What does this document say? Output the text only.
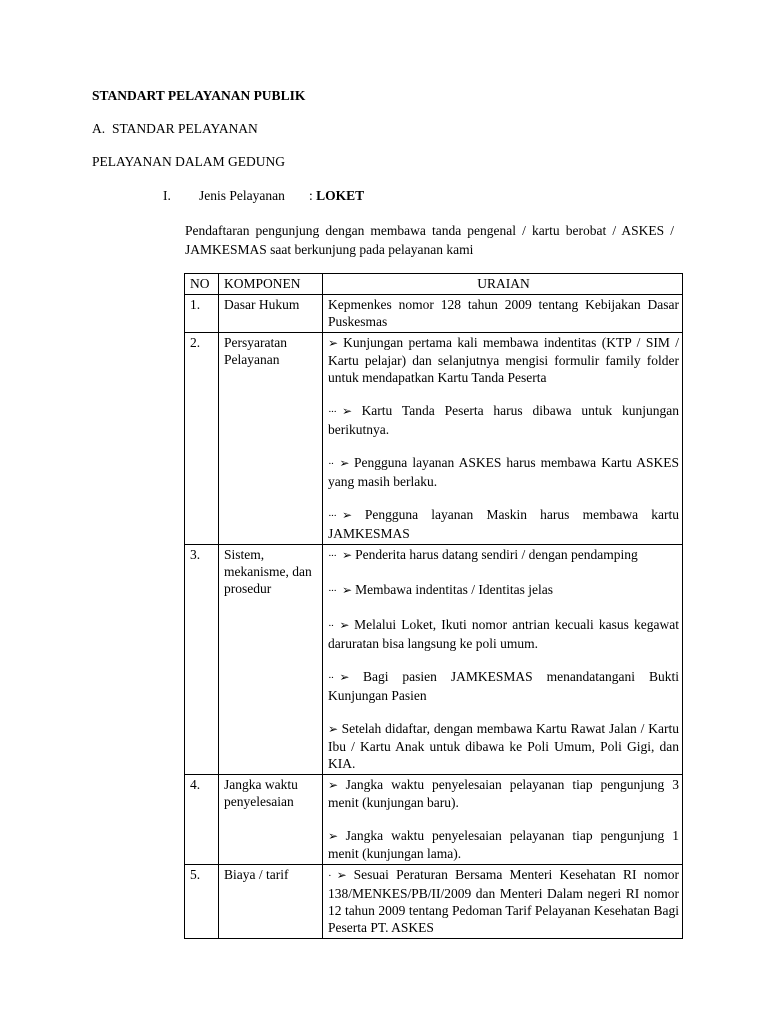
STANDART PELAYANAN PUBLIK
A. STANDAR PELAYANAN
PELAYANAN DALAM GEDUNG
I. Jenis Pelayanan : LOKET
Pendaftaran pengunjung dengan membawa tanda pengenal / kartu berobat / ASKES / JAMKESMAS saat berkunjung pada pelayanan kami
NO	KOMPONEN	URAIAN
1.	Dasar Hukum	Kepmenkes nomor 128 tahun 2009 tentang Kebijakan Dasar Puskesmas

2.	Persyaratan Pelayanan	➢ Kunjungan pertama kali membawa indentitas (KTP / SIM / Kartu pelajar) dan selanjutnya mengisi formulir family folder untuk mendapatkan Kartu Tanda Peserta
··· ➢ Kartu Tanda Peserta harus dibawa untuk kunjungan berikutnya.
·· ➢ Pengguna layanan ASKES harus membawa Kartu ASKES yang masih berlaku.
··· ➢ Pengguna layanan Maskin harus membawa kartu JAMKESMAS

3.	Sistem, mekanisme, dan prosedur	··· ➢ Penderita harus datang sendiri / dengan pendamping
··· ➢ Membawa indentitas / Identitas jelas
·· ➢ Melalui Loket, Ikuti nomor antrian kecuali kasus kegawat daruratan bisa langsung ke poli umum.
·· ➢ Bagi pasien JAMKESMAS menandatangani Bukti Kunjungan Pasien
➢ Setelah didaftar, dengan membawa Kartu Rawat Jalan / Kartu Ibu / Kartu Anak untuk dibawa ke Poli Umum, Poli Gigi, dan KIA.

4.	Jangka waktu penyelesaian	➢ Jangka waktu penyelesaian pelayanan tiap pengunjung 3 menit (kunjungan baru).
➢ Jangka waktu penyelesaian pelayanan tiap pengunjung 1 menit (kunjungan lama).

5.	Biaya / tarif	· ➢ Sesuai Peraturan Bersama Menteri Kesehatan RI nomor 138/MENKES/PB/II/2009 dan Menteri Dalam negeri RI nomor 12 tahun 2009 tentang Pedoman Tarif Pelayanan Kesehatan Bagi Peserta PT. ASKES
